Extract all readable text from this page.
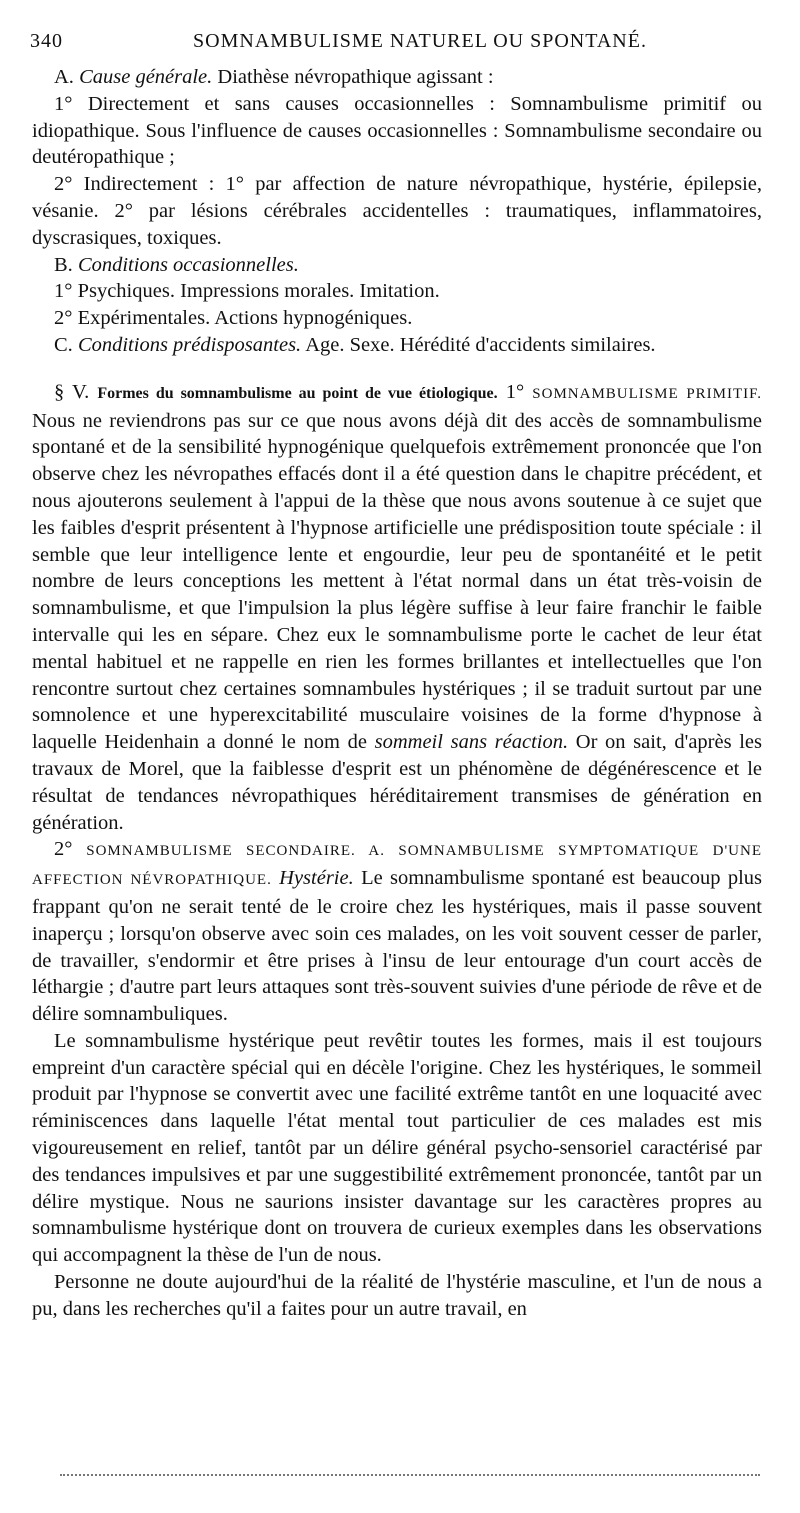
340	SOMNAMBULISME NATUREL OU SPONTANÉ.

A. Cause générale. Diathèse névropathique agissant :

1° Directement et sans causes occasionnelles : Somnambulisme primitif ou idiopathique. Sous l'influence de causes occasionnelles : Somnambulisme secondaire ou deutéropathique ;

2° Indirectement : 1° par affection de nature névropathique, hystérie, épilepsie, vésanie. 2° par lésions cérébrales accidentelles : traumatiques, inflammatoires, dyscrasiques, toxiques.

B. Conditions occasionnelles.

1° Psychiques. Impressions morales. Imitation.

2° Expérimentales. Actions hypnogéniques.

C. Conditions prédisposantes. Age. Sexe. Hérédité d'accidents similaires.

§ V. Formes du somnambulisme au point de vue étiologique. 1° SOMNAMBULISME PRIMITIF. Nous ne reviendrons pas sur ce que nous avons déjà dit des accès de somnambulisme spontané et de la sensibilité hypnogénique quelquefois extrêmement prononcée que l'on observe chez les névropathes effacés dont il a été question dans le chapitre précédent, et nous ajouterons seulement à l'appui de la thèse que nous avons soutenue à ce sujet que les faibles d'esprit présentent à l'hypnose artificielle une prédisposition toute spéciale : il semble que leur intelligence lente et engourdie, leur peu de spontanéité et le petit nombre de leurs conceptions les mettent à l'état normal dans un état très-voisin de somnambulisme, et que l'impulsion la plus légère suffise à leur faire franchir le faible intervalle qui les en sépare. Chez eux le somnambulisme porte le cachet de leur état mental habituel et ne rappelle en rien les formes brillantes et intellectuelles que l'on rencontre surtout chez certaines somnambules hystériques ; il se traduit surtout par une somnolence et une hyperexcitabilité musculaire voisines de la forme d'hypnose à laquelle Heidenhain a donné le nom de sommeil sans réaction. Or on sait, d'après les travaux de Morel, que la faiblesse d'esprit est un phénomène de dégénérescence et le résultat de tendances névropathiques héréditairement transmises de génération en génération.

2° SOMNAMBULISME SECONDAIRE. A. SOMNAMBULISME SYMPTOMATIQUE D'UNE AFFECTION NÉVROPATHIQUE. Hystérie. Le somnambulisme spontané est beaucoup plus frappant qu'on ne serait tenté de le croire chez les hystériques, mais il passe souvent inaperçu ; lorsqu'on observe avec soin ces malades, on les voit souvent cesser de parler, de travailler, s'endormir et être prises à l'insu de leur entourage d'un court accès de léthargie ; d'autre part leurs attaques sont très-souvent suivies d'une période de rêve et de délire somnambuliques.

Le somnambulisme hystérique peut revêtir toutes les formes, mais il est toujours empreint d'un caractère spécial qui en décèle l'origine. Chez les hystériques, le sommeil produit par l'hypnose se convertit avec une facilité extrême tantôt en une loquacité avec réminiscences dans laquelle l'état mental tout particulier de ces malades est mis vigoureusement en relief, tantôt par un délire général psycho-sensoriel caractérisé par des tendances impulsives et par une suggestibilité extrêmement prononcée, tantôt par un délire mystique. Nous ne saurions insister davantage sur les caractères propres au somnambulisme hystérique dont on trouvera de curieux exemples dans les observations qui accompagnent la thèse de l'un de nous.

Personne ne doute aujourd'hui de la réalité de l'hystérie masculine, et l'un de nous a pu, dans les recherches qu'il a faites pour un autre travail, en
